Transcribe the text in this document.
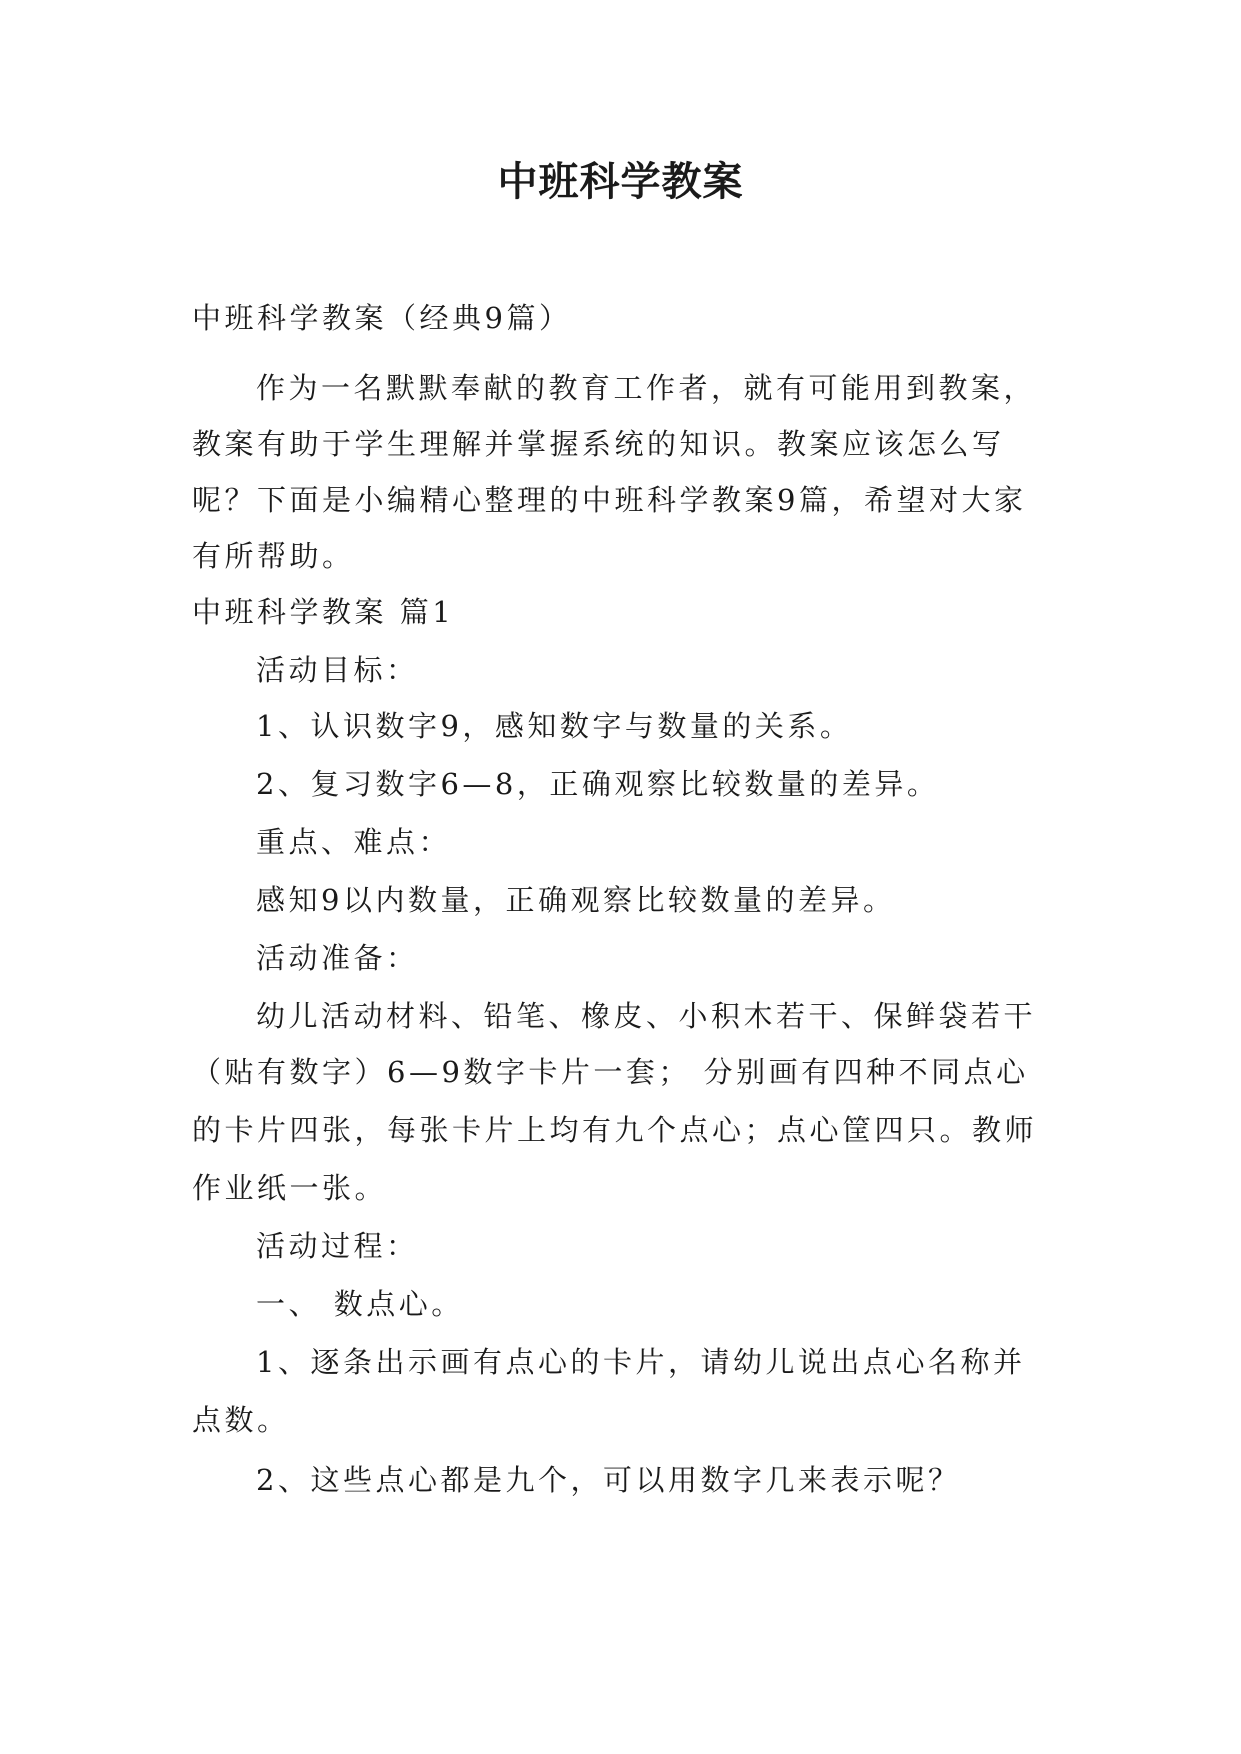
中班科学教案
中班科学教案（经典9篇）
作为一名默默奉献的教育工作者，就有可能用到教案，
教案有助于学生理解并掌握系统的知识。教案应该怎么写
呢？下面是小编精心整理的中班科学教案9篇，希望对大家
有所帮助。
中班科学教案 篇1
活动目标：
1、认识数字9，感知数字与数量的关系。
2、复习数字6—8，正确观察比较数量的差异。
重点、难点：
感知9以内数量，正确观察比较数量的差异。
活动准备：
幼儿活动材料、铅笔、橡皮、小积木若干、保鲜袋若干
（贴有数字）6—9数字卡片一套； 分别画有四种不同点心
的卡片四张，每张卡片上均有九个点心；点心筐四只。教师
作业纸一张。
活动过程：
一、 数点心。
1、逐条出示画有点心的卡片，请幼儿说出点心名称并
点数。
2、这些点心都是九个，可以用数字几来表示呢？
